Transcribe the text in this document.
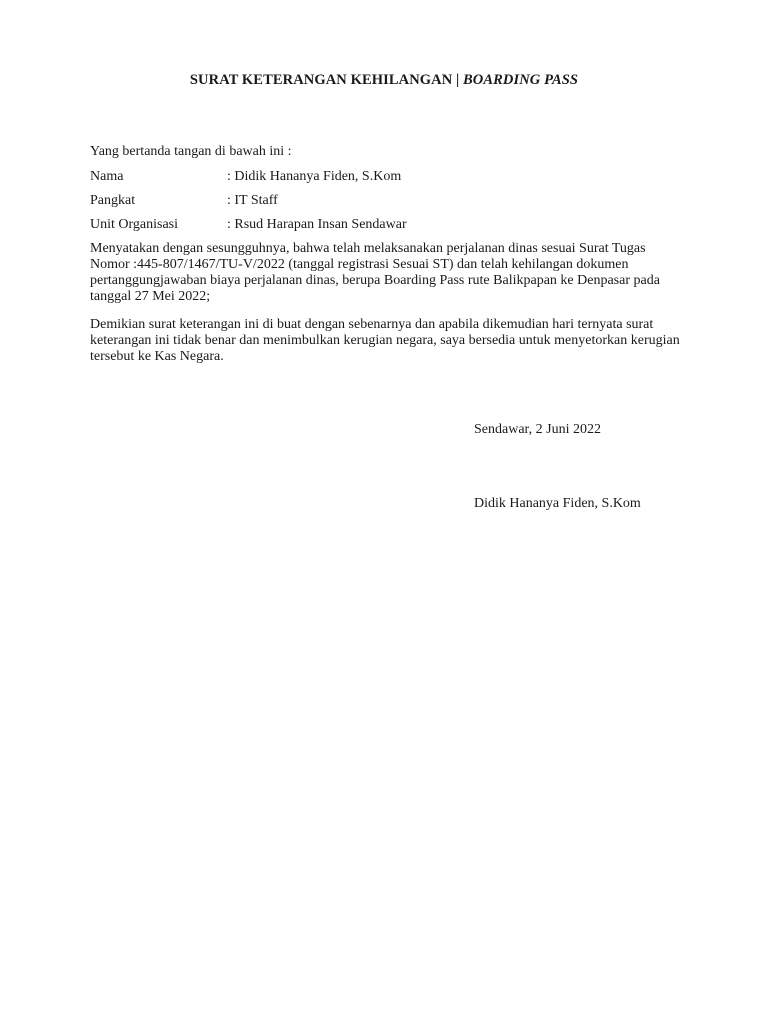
SURAT KETERANGAN KEHILANGAN | BOARDING PASS
Yang bertanda tangan di bawah ini :
Nama	: Didik Hananya Fiden, S.Kom
Pangkat	: IT Staff
Unit Organisasi	: Rsud Harapan Insan Sendawar
Menyatakan dengan sesungguhnya, bahwa telah melaksanakan perjalanan dinas sesuai Surat Tugas Nomor :445-807/1467/TU-V/2022 (tanggal registrasi Sesuai ST) dan telah kehilangan dokumen pertanggungjawaban biaya perjalanan dinas, berupa Boarding Pass rute Balikpapan ke Denpasar pada tanggal 27 Mei 2022;
Demikian surat keterangan ini di buat dengan sebenarnya dan apabila dikemudian hari ternyata surat keterangan ini tidak benar dan menimbulkan kerugian negara, saya bersedia untuk menyetorkan kerugian tersebut ke Kas Negara.
Sendawar, 2 Juni 2022
Didik Hananya Fiden, S.Kom
